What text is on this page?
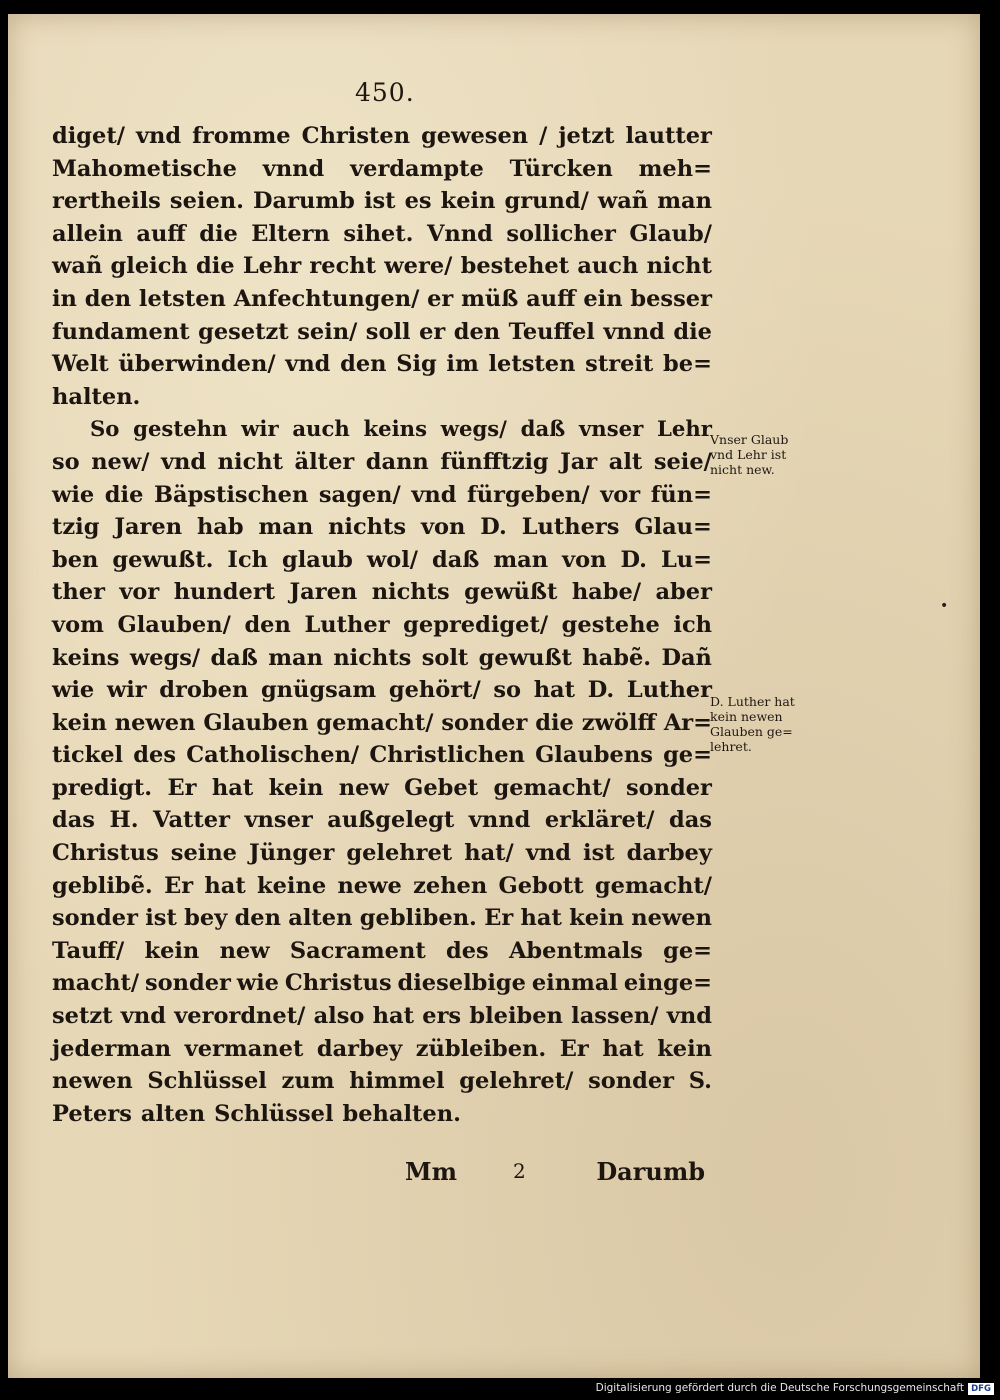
450.
diget/ vnd fromme Christen gewesen / jetzt lautter
Mahometische vnnd verdampte Türcken meh=
rertheils seien. Darumb ist es kein grund/ wañ man
allein auff die Eltern sihet. Vnnd sollicher Glaub/
wañ gleich die Lehr recht were/ bestehet auch nicht
in den letsten Anfechtungen/ er müß auff ein besser
fundament gesetzt sein/ soll er den Teuffel vnnd die
Welt überwinden/ vnd den Sig im letsten streit be=
halten.
So gestehn wir auch keins wegs/ daß vnser Lehr
so new/ vnd nicht älter dann fünfftzig Jar alt seie/
wie die Bäpstischen sagen/ vnd fürgeben/ vor fün=
tzig Jaren hab man nichts von D. Luthers Glau=
ben gewußt. Ich glaub wol/ daß man von D. Lu=
ther vor hundert Jaren nichts gewüßt habe/ aber
vom Glauben/ den Luther geprediget/ gestehe ich
keins wegs/ daß man nichts solt gewußt habẽ. Dañ
wie wir droben gnügsam gehört/ so hat D. Luther
kein newen Glauben gemacht/ sonder die zwölff Ar=
tickel des Catholischen/ Christlichen Glaubens ge=
predigt. Er hat kein new Gebet gemacht/ sonder
das H. Vatter vnser außgelegt vnnd erkläret/ das
Christus seine Jünger gelehret hat/ vnd ist darbey
geblibẽ. Er hat keine newe zehen Gebott gemacht/
sonder ist bey den alten gebliben. Er hat kein newen
Tauff/ kein new Sacrament des Abentmals ge=
macht/ sonder wie Christus dieselbige einmal einge=
setzt vnd verordnet/ also hat ers bleiben lassen/ vnd
jederman vermanet darbey zübleiben. Er hat kein
newen Schlüssel zum himmel gelehret/ sonder S.
Peters alten Schlüssel behalten.
Vnser Glaub
vnd Lehr ist
nicht new.
D. Luther hat
kein newen
Glauben ge=
lehret.
•
Mm	2	Darumb
Digitalisierung gefördert durch die Deutsche Forschungsgemeinschaft DFG
